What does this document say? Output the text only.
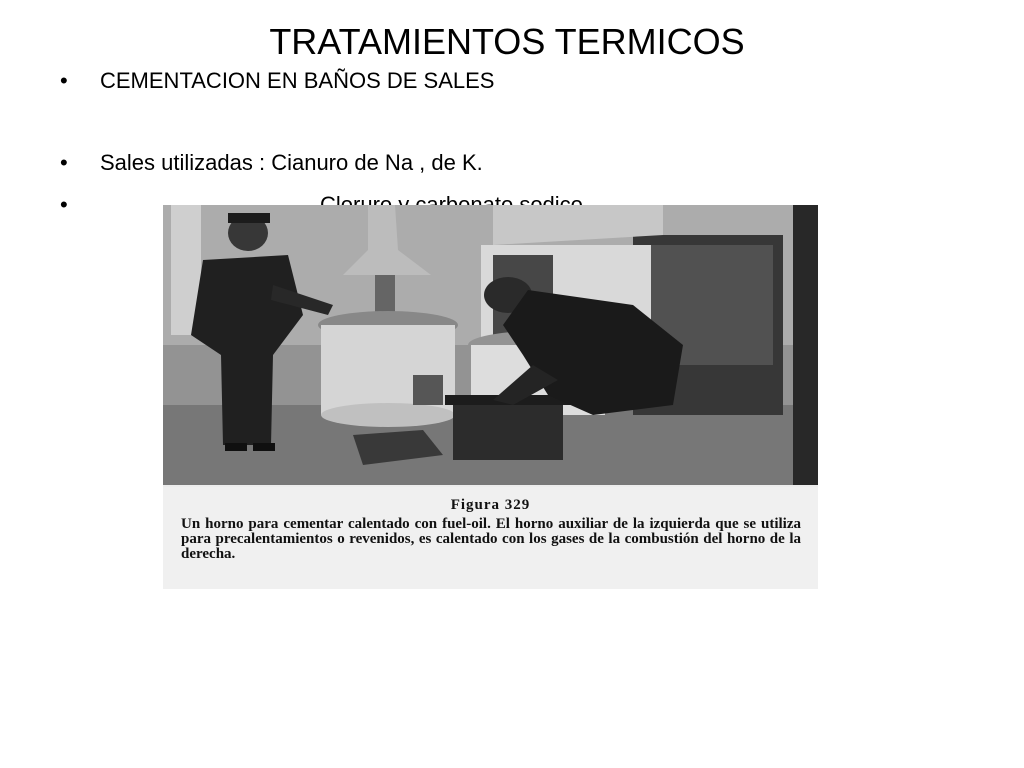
TRATAMIENTOS TERMICOS
• CEMENTACION EN BAÑOS DE SALES
• Sales utilizadas : Cianuro de Na , de K.
•
Figura 329
Un horno para cementar calentado con fuel-oil. El horno auxiliar de la izquierda que se utiliza para precalentamientos o revenidos, es calentado con los gases de la combustión del horno de la derecha.
